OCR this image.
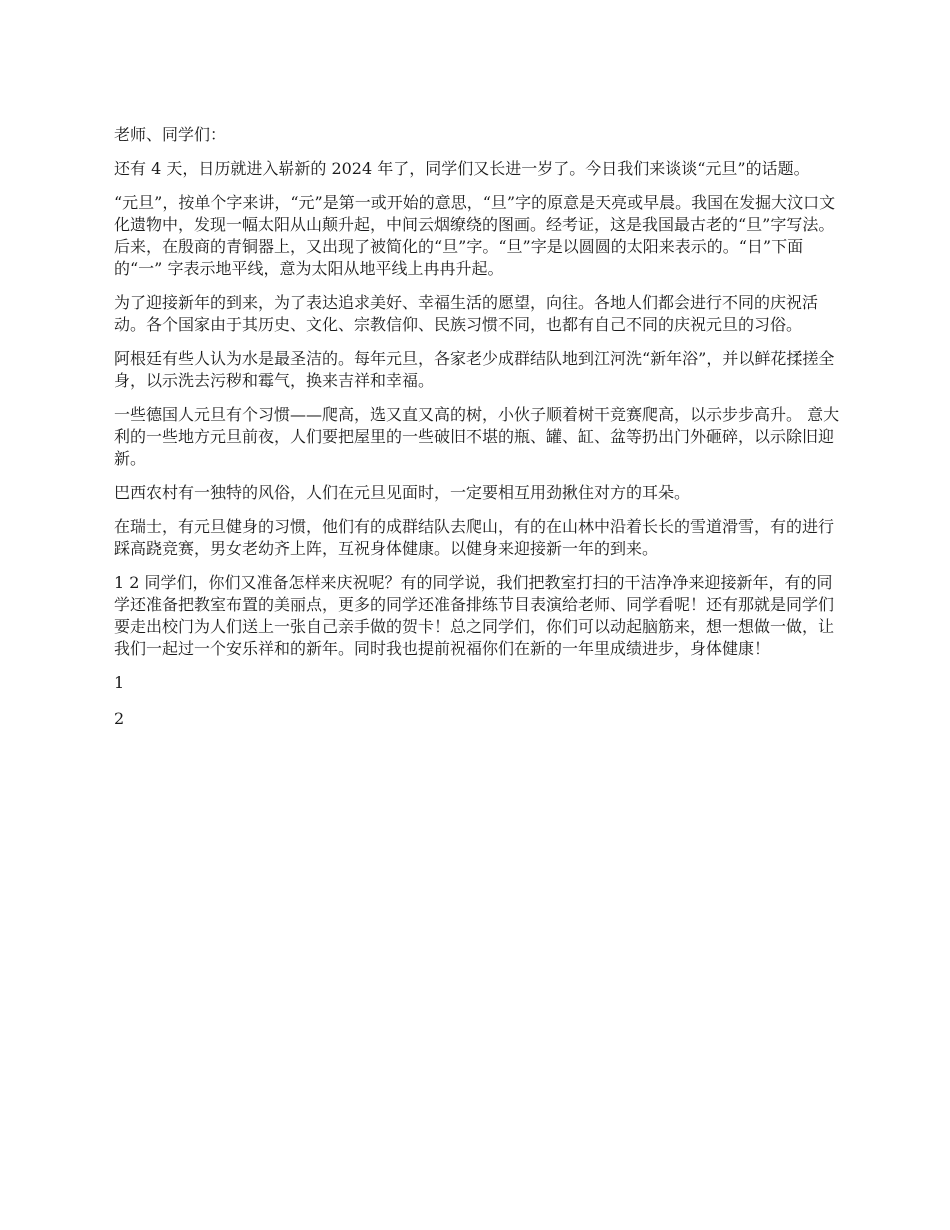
老师、同学们：

还有 4 天，日历就进入崭新的 2024 年了，同学们又长进一岁了。今日我们来谈谈“元旦”的话题。

“元旦”，按单个字来讲，“元”是第一或开始的意思，“旦”字的原意是天亮或早晨。我国在发掘大汶口文化遗物中，发现一幅太阳从山颠升起，中间云烟缭绕的图画。经考证，这是我国最古老的“旦”字写法。后来，在殷商的青铜器上，又出现了被简化的“旦”字。“旦”字是以圆圆的太阳来表示的。“日”下面的“一” 字表示地平线，意为太阳从地平线上冉冉升起。

为了迎接新年的到来，为了表达追求美好、幸福生活的愿望，向往。各地人们都会进行不同的庆祝活动。各个国家由于其历史、文化、宗教信仰、民族习惯不同，也都有自己不同的庆祝元旦的习俗。

阿根廷有些人认为水是最圣洁的。每年元旦，各家老少成群结队地到江河洗“新年浴”，并以鲜花揉搓全身，以示洗去污秽和霉气，换来吉祥和幸福。

一些德国人元旦有个习惯——爬高，选又直又高的树，小伙子顺着树干竞赛爬高，以示步步高升。 意大利的一些地方元旦前夜，人们要把屋里的一些破旧不堪的瓶、罐、缸、盆等扔出门外砸碎，以示除旧迎新。

巴西农村有一独特的风俗，人们在元旦见面时，一定要相互用劲揪住对方的耳朵。

在瑞士，有元旦健身的习惯，他们有的成群结队去爬山，有的在山林中沿着长长的雪道滑雪，有的进行踩高跷竞赛，男女老幼齐上阵，互祝身体健康。以健身来迎接新一年的到来。

1 2 同学们，你们又准备怎样来庆祝呢？有的同学说，我们把教室打扫的干洁净净来迎接新年，有的同学还准备把教室布置的美丽点，更多的同学还准备排练节目表演给老师、同学看呢！还有那就是同学们要走出校门为人们送上一张自己亲手做的贺卡！总之同学们，你们可以动起脑筋来，想一想做一做，让我们一起过一个安乐祥和的新年。同时我也提前祝福你们在新的一年里成绩进步，身体健康！

1

2
